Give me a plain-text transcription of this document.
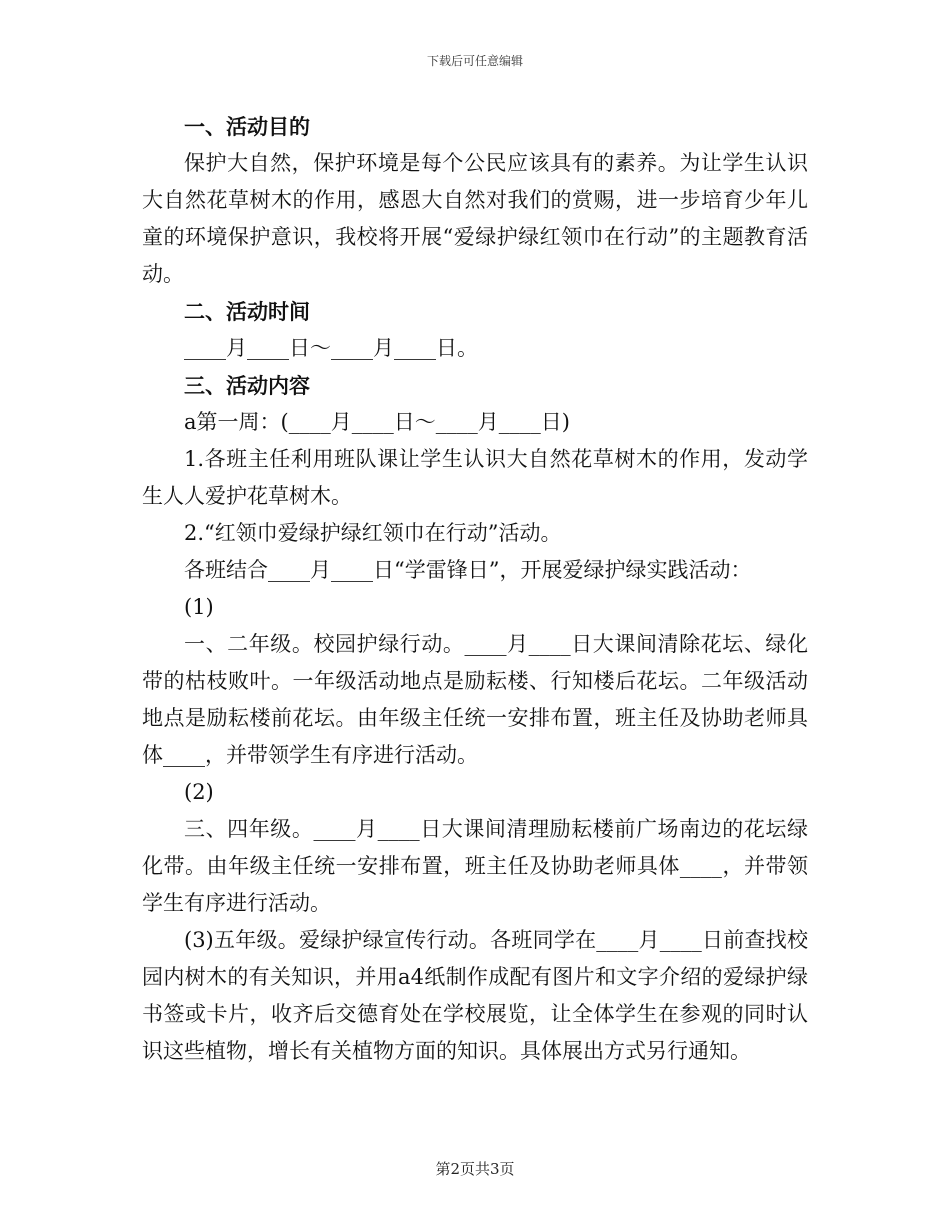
下载后可任意编辑

一、活动目的

保护大自然，保护环境是每个公民应该具有的素养。为让学生认识大自然花草树木的作用，感恩大自然对我们的赏赐，进一步培育少年儿童的环境保护意识，我校将开展“爱绿护绿红领巾在行动”的主题教育活动。

二、活动时间

____月____日～____月____日。

三、活动内容

a第一周：(____月____日～____月____日)

1.各班主任利用班队课让学生认识大自然花草树木的作用，发动学生人人爱护花草树木。

2.“红领巾爱绿护绿红领巾在行动”活动。

各班结合____月____日“学雷锋日”，开展爱绿护绿实践活动：

(1)

一、二年级。校园护绿行动。____月____日大课间清除花坛、绿化带的枯枝败叶。一年级活动地点是励耘楼、行知楼后花坛。二年级活动地点是励耘楼前花坛。由年级主任统一安排布置，班主任及协助老师具体____，并带领学生有序进行活动。

(2)

三、四年级。____月____日大课间清理励耘楼前广场南边的花坛绿化带。由年级主任统一安排布置，班主任及协助老师具体____，并带领学生有序进行活动。

(3)五年级。爱绿护绿宣传行动。各班同学在____月____日前查找校园内树木的有关知识，并用a4纸制作成配有图片和文字介绍的爱绿护绿书签或卡片，收齐后交德育处在学校展览，让全体学生在参观的同时认识这些植物，增长有关植物方面的知识。具体展出方式另行通知。

第2页共3页
